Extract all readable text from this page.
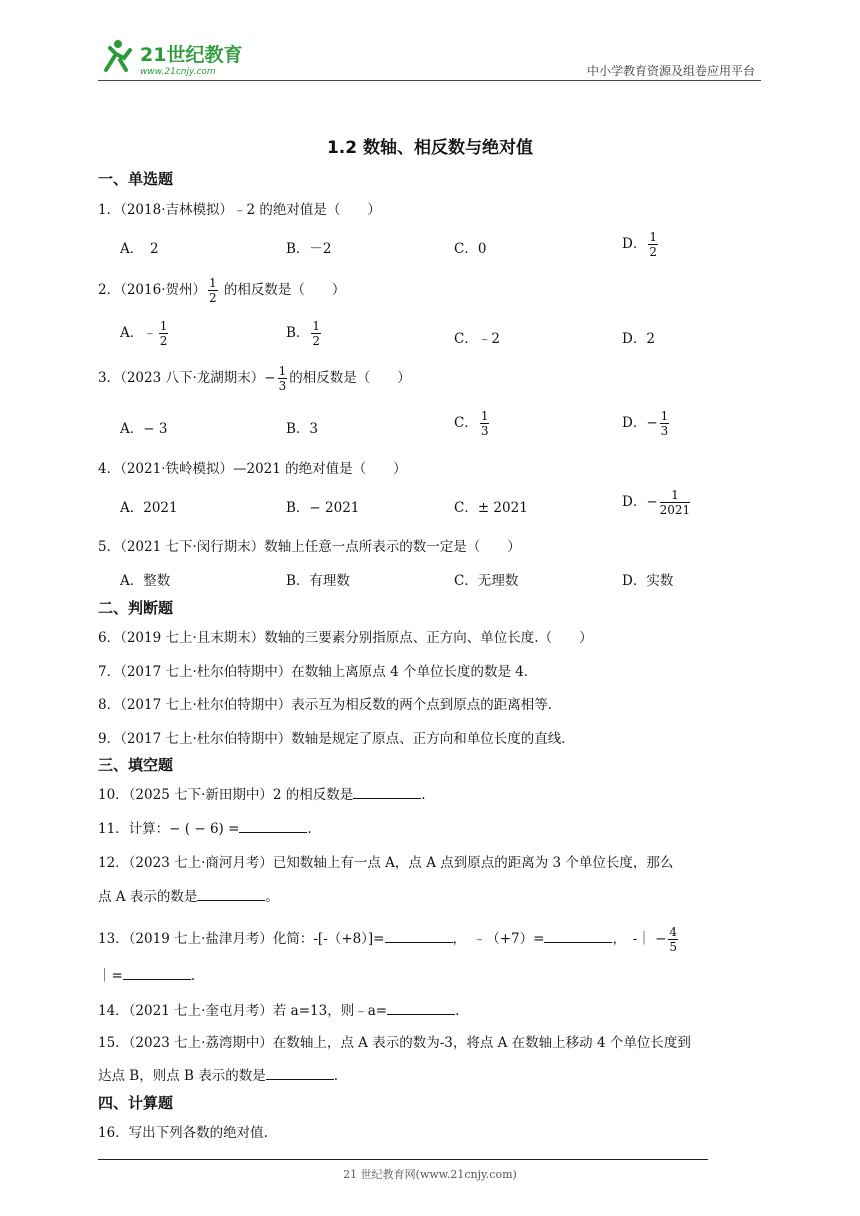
21世纪教育
www.21cnjy.com	中小学教育资源及组卷应用平台
1.2 数轴、相反数与绝对值
一、单选题
1．（2018·吉林模拟）﹣2 的绝对值是（　　）
A．　2	B．－2	C．0	D． $\frac{1}{2}$
2．（2016·贺州） $\frac{1}{2}$ 的相反数是（　　）
A．﹣ $\frac{1}{2}$	B． $\frac{1}{2}$	C．﹣2	D．2
3．（2023 八下·龙湖期末）− $\frac{1}{3}$ 的相反数是（　　）
A．− 3	B．3	C． $\frac{1}{3}$	D．− $\frac{1}{3}$
4．（2021·铁岭模拟）—2021 的绝对值是（　　）
A．2021	B．− 2021	C．± 2021	D．− $\frac{1}{2021}$
5．（2021 七下·闵行期末）数轴上任意一点所表示的数一定是（　　）
A．整数	B．有理数	C．无理数	D．实数
二、判断题
6．（2019 七上·且末期末）数轴的三要素分别指原点、正方向、单位长度.（　　）
7．（2017 七上·杜尔伯特期中）在数轴上离原点 4 个单位长度的数是 4．
8．（2017 七上·杜尔伯特期中）表示互为相反数的两个点到原点的距离相等．
9．（2017 七上·杜尔伯特期中）数轴是规定了原点、正方向和单位长度的直线．
三、填空题
10．（2025 七下·新田期中）2 的相反数是	.
11．计算：− ( − 6) =	.
12．（2023 七上·商河月考）已知数轴上有一点 A，点 A 点到原点的距离为 3 个单位长度，那么
点 A 表示的数是	。
13．（2019 七上·盐津月考）化简：-[-（+8）]=	，　﹣（+7）=	，　-｜ − $\frac{4}{5}$
｜=	.
14．（2021 七上·奎屯月考）若 a=13，则﹣a=	.
15．（2023 七上·荔湾期中）在数轴上，点 A 表示的数为-3，将点 A 在数轴上移动 4 个单位长度到
达点 B，则点 B 表示的数是	.
四、计算题
16．写出下列各数的绝对值.
21 世纪教育网(www.21cnjy.com)
